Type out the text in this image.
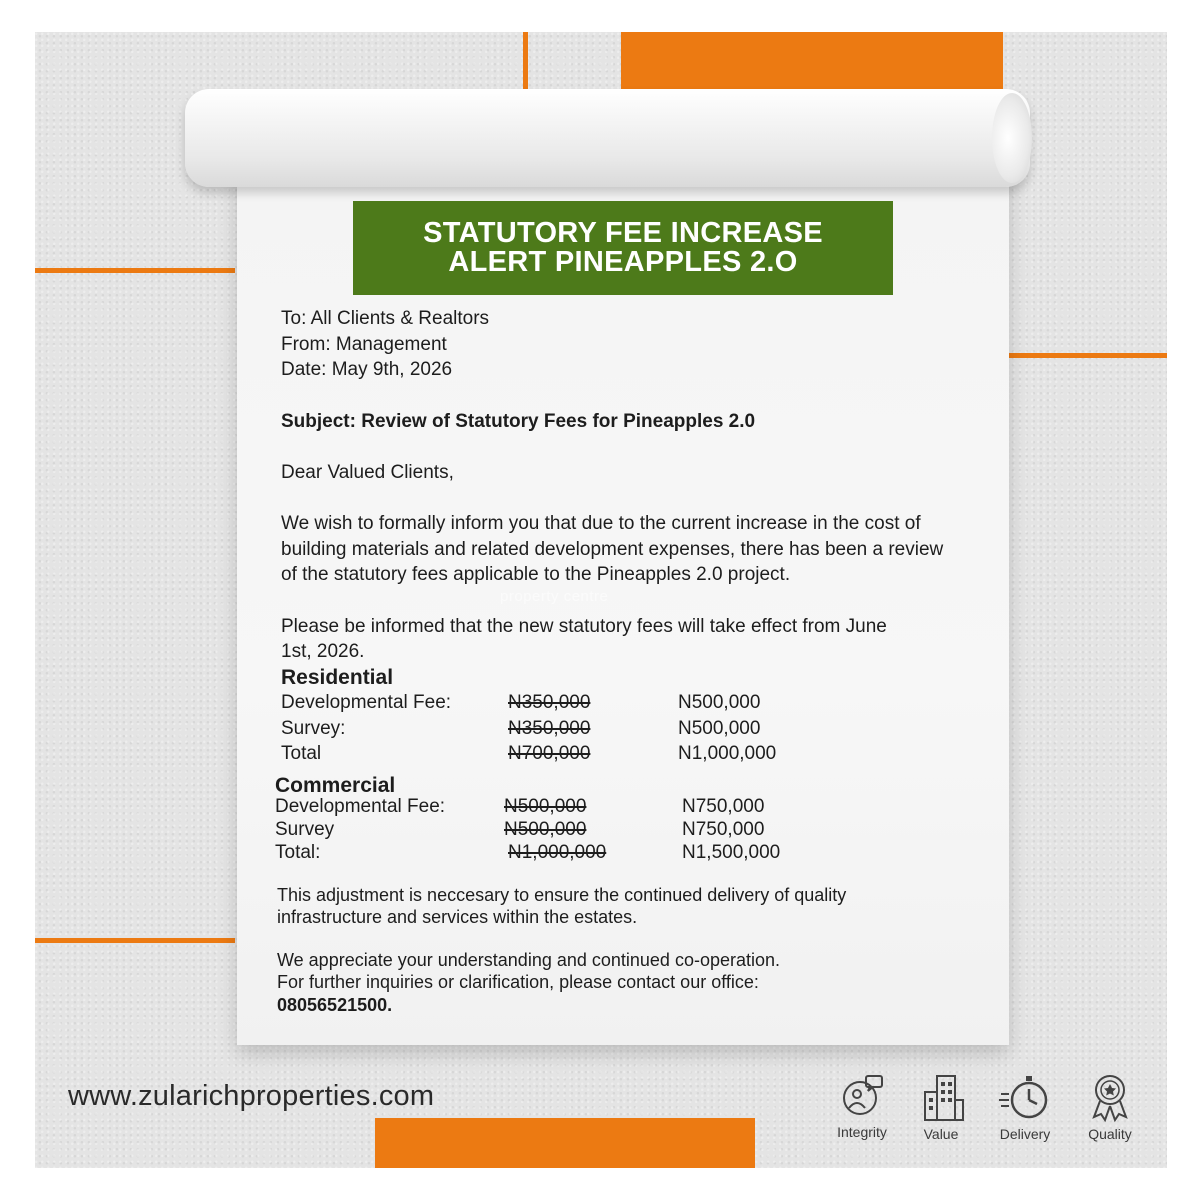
STATUTORY FEE INCREASE
ALERT PINEAPPLES 2.O
To: All Clients & Realtors
From: Management
Date: May 9th, 2026
Subject: Review of Statutory Fees for Pineapples 2.0
Dear Valued Clients,
We wish to formally inform you that due to the current increase in the cost of
building materials and related development expenses, there has been a review
of the statutory fees applicable to the Pineapples 2.0 project.
property centre
Please be informed that the new statutory fees will take effect from June
1st, 2026.
Residential
Developmental Fee:	N350,000	N500,000
Survey:	N350,000	N500,000
Total	N700,000	N1,000,000
Commercial
Developmental Fee:	N500,000	N750,000
Survey	N500,000	N750,000
Total:	N1,000,000	N1,500,000
This adjustment is neccesary to ensure the continued delivery of quality
infrastructure and services within the estates.
We appreciate your understanding and continued co-operation.
For further inquiries or clarification, please contact our office:
08056521500.
www.zularichproperties.com
Integrity	Value	Delivery	Quality
